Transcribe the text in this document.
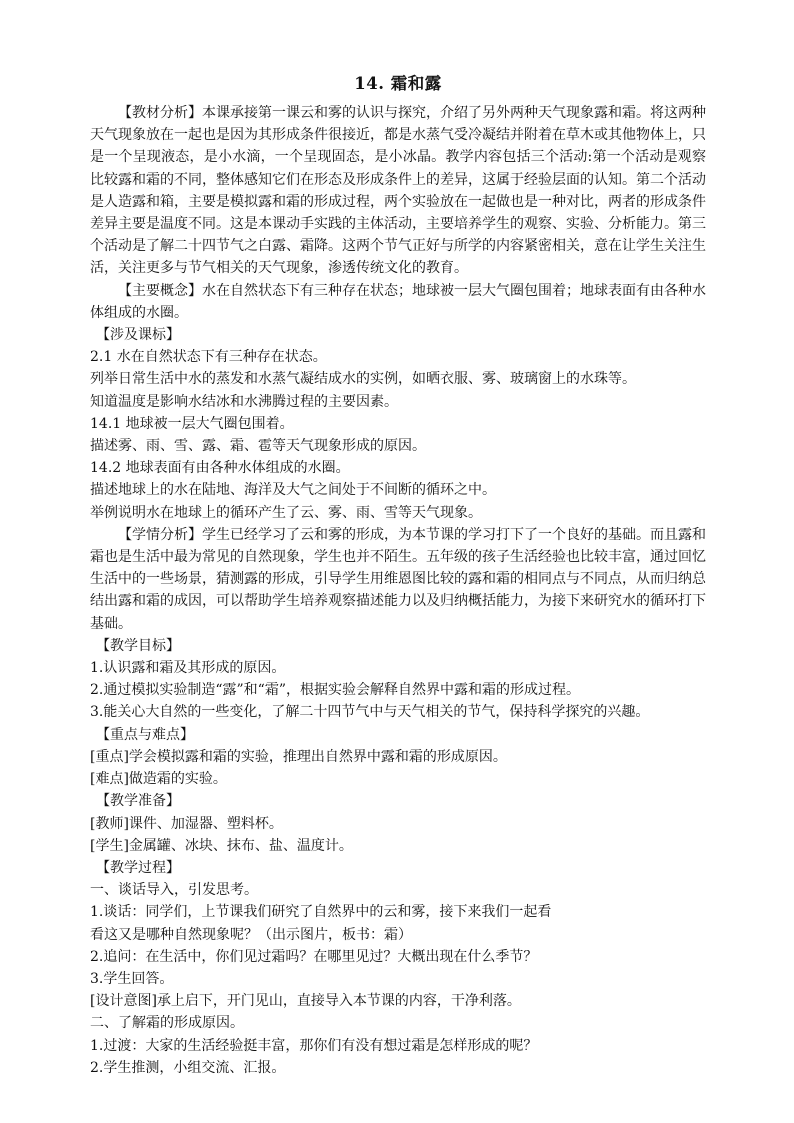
14. 霜和露

【教材分析】本课承接第一课云和雾的认识与探究，介绍了另外两种天气现象露和霜。将这两种天气现象放在一起也是因为其形成条件很接近，都是水蒸气受冷凝结并附着在草木或其他物体上，只是一个呈现液态，是小水滴，一个呈现固态，是小冰晶。教学内容包括三个活动:第一个活动是观察比较露和霜的不同，整体感知它们在形态及形成条件上的差异，这属于经验层面的认知。第二个活动是人造露和箱，主要是模拟露和霜的形成过程，两个实验放在一起做也是一种对比，两者的形成条件差异主要是温度不同。这是本课动手实践的主体活动，主要培养学生的观察、实验、分析能力。第三个活动是了解二十四节气之白露、霜降。这两个节气正好与所学的内容紧密相关，意在让学生关注生活，关注更多与节气相关的天气现象，渗透传统文化的教育。

【主要概念】水在自然状态下有三种存在状态；地球被一层大气圈包围着；地球表面有由各种水体组成的水圈。

【涉及课标】

2.1 水在自然状态下有三种存在状态。

列举日常生活中水的蒸发和水蒸气凝结成水的实例，如晒衣服、雾、玻璃窗上的水珠等。

知道温度是影响水结冰和水沸腾过程的主要因素。

14.1 地球被一层大气圈包围着。

描述雾、雨、雪、露、霜、雹等天气现象形成的原因。

14.2 地球表面有由各种水体组成的水圈。

描述地球上的水在陆地、海洋及大气之间处于不间断的循环之中。

举例说明水在地球上的循环产生了云、雾、雨、雪等天气现象。

【学情分析】学生已经学习了云和雾的形成，为本节课的学习打下了一个良好的基础。而且露和霜也是生活中最为常见的自然现象，学生也并不陌生。五年级的孩子生活经验也比较丰富，通过回忆生活中的一些场景，猜测露的形成，引导学生用维恩图比较的露和霜的相同点与不同点，从而归纳总结出露和霜的成因，可以帮助学生培养观察描述能力以及归纳概括能力，为接下来研究水的循环打下基础。

【教学目标】

1.认识露和霜及其形成的原因。

2.通过模拟实验制造“露”和“霜”，根据实验会解释自然界中露和霜的形成过程。

3.能关心大自然的一些变化，了解二十四节气中与天气相关的节气，保持科学探究的兴趣。

【重点与难点】

[重点]学会模拟露和霜的实验，推理出自然界中露和霜的形成原因。

[难点]做造霜的实验。

【教学准备】

[教师]课件、加湿器、塑料杯。

[学生]金属罐、冰块、抹布、盐、温度计。

【教学过程】

一、谈话导入，引发思考。

1.谈话：同学们，上节课我们研究了自然界中的云和雾，接下来我们一起看

看这又是哪种自然现象呢？（出示图片，板书：霜）

2.追问：在生活中，你们见过霜吗？在哪里见过？大概出现在什么季节？

3.学生回答。

[设计意图]承上启下，开门见山，直接导入本节课的内容，干净利落。

二、了解霜的形成原因。

1.过渡：大家的生活经验挺丰富，那你们有没有想过霜是怎样形成的呢？

2.学生推测，小组交流、汇报。
